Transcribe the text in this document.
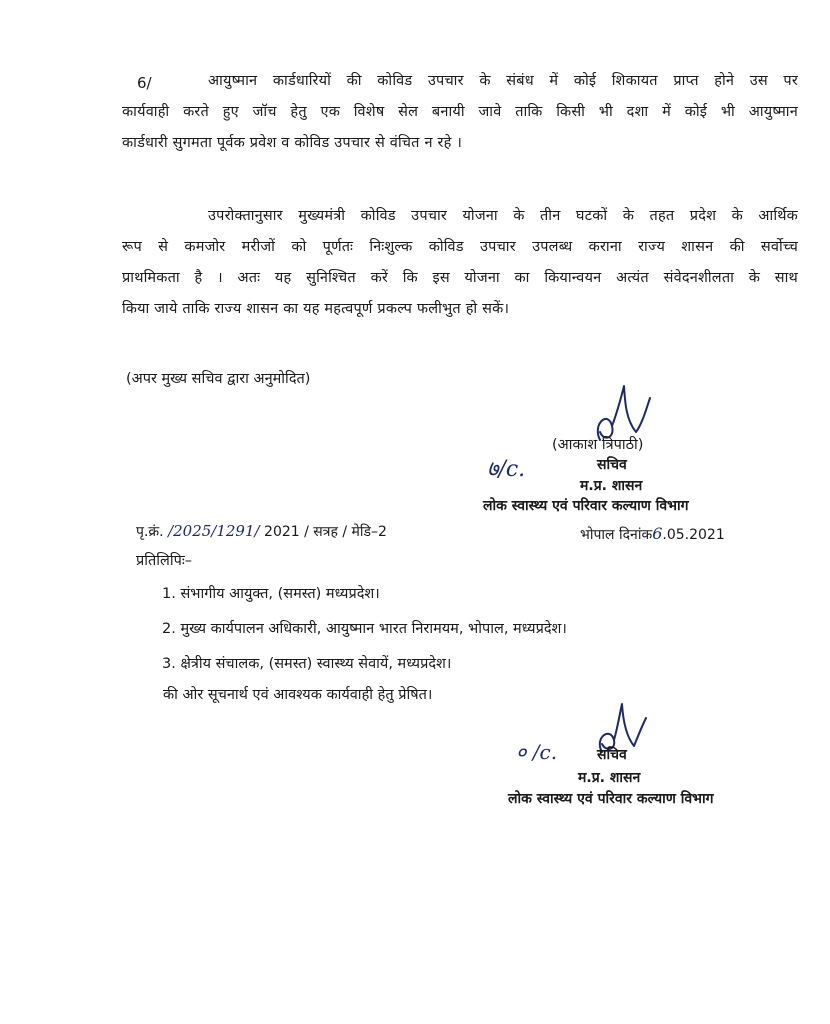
6/	आयुष्मान कार्डधारियों की कोविड उपचार के संबंध में कोई शिकायत प्राप्त होने उस पर
कार्यवाही करते हुए जॉच हेतु एक विशेष सेल बनायी जावे ताकि किसी भी दशा में कोई भी आयुष्मान
कार्डधारी सुगमता पूर्वक प्रवेश व कोविड उपचार से वंचित न रहे ।
उपरोक्तानुसार मुख्यमंत्री कोविड उपचार योजना के तीन घटकों के तहत प्रदेश के आर्थिक
रूप से कमजोर मरीजों को पूर्णतः निःशुल्क कोविड उपचार उपलब्ध कराना राज्य शासन की सर्वोच्च
प्राथमिकता है । अतः यह सुनिश्चित करें कि इस योजना का कियान्वयन अत्यंत संवेदनशीलता के साथ
किया जाये ताकि राज्य शासन का यह महत्वपूर्ण प्रकल्प फलीभुत हो सकें।
(अपर मुख्य सचिव द्वारा अनुमोदित)
७/c.
(आकाश त्रिपाठी)
सचिव
म.प्र. शासन
लोक स्वास्थ्य एवं परिवार कल्याण विभाग
पृ.क्रं. /2025/1291/ 2021 / सत्रह / मेडि–2	भोपाल दिनांक6.05.2021
प्रतिलिपिः–
1. संभागीय आयुक्त, (समस्त) मध्यप्रदेश।
2. मुख्य कार्यपालन अधिकारी, आयुष्मान भारत निरामयम, भोपाल, मध्यप्रदेश।
3. क्षेत्रीय संचालक, (समस्त) स्वास्थ्य सेवायें, मध्यप्रदेश।
की ओर सूचनार्थ एवं आवश्यक कार्यवाही हेतु प्रेषित।
० /c.	सचिव
म.प्र. शासन
लोक स्वास्थ्य एवं परिवार कल्याण विभाग
